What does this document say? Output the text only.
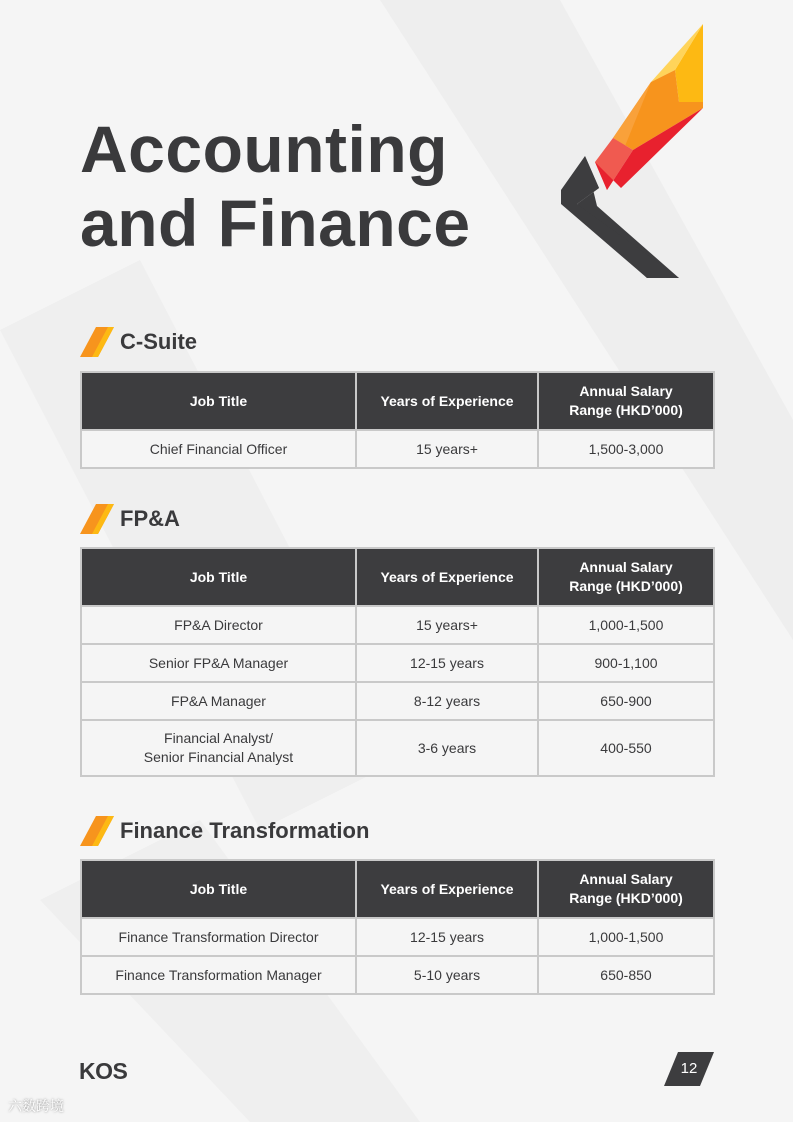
Accounting
and Finance
C-Suite
Job Title	Years of Experience	Annual Salary
Range (HKD’000)
Chief Financial Officer	15 years+	1,500-3,000
FP&A
Job Title	Years of Experience	Annual Salary
Range (HKD’000)
FP&A Director	15 years+	1,000-1,500
Senior FP&A Manager	12-15 years	900-1,100
FP&A Manager	8-12 years	650-900
Financial Analyst/
Senior Financial Analyst	3-6 years	400-550
Finance Transformation
Job Title	Years of Experience	Annual Salary
Range (HKD’000)
Finance Transformation Director	12-15 years	1,000-1,500
Finance Transformation Manager	5-10 years	650-850
KOS	12
六数跨境
